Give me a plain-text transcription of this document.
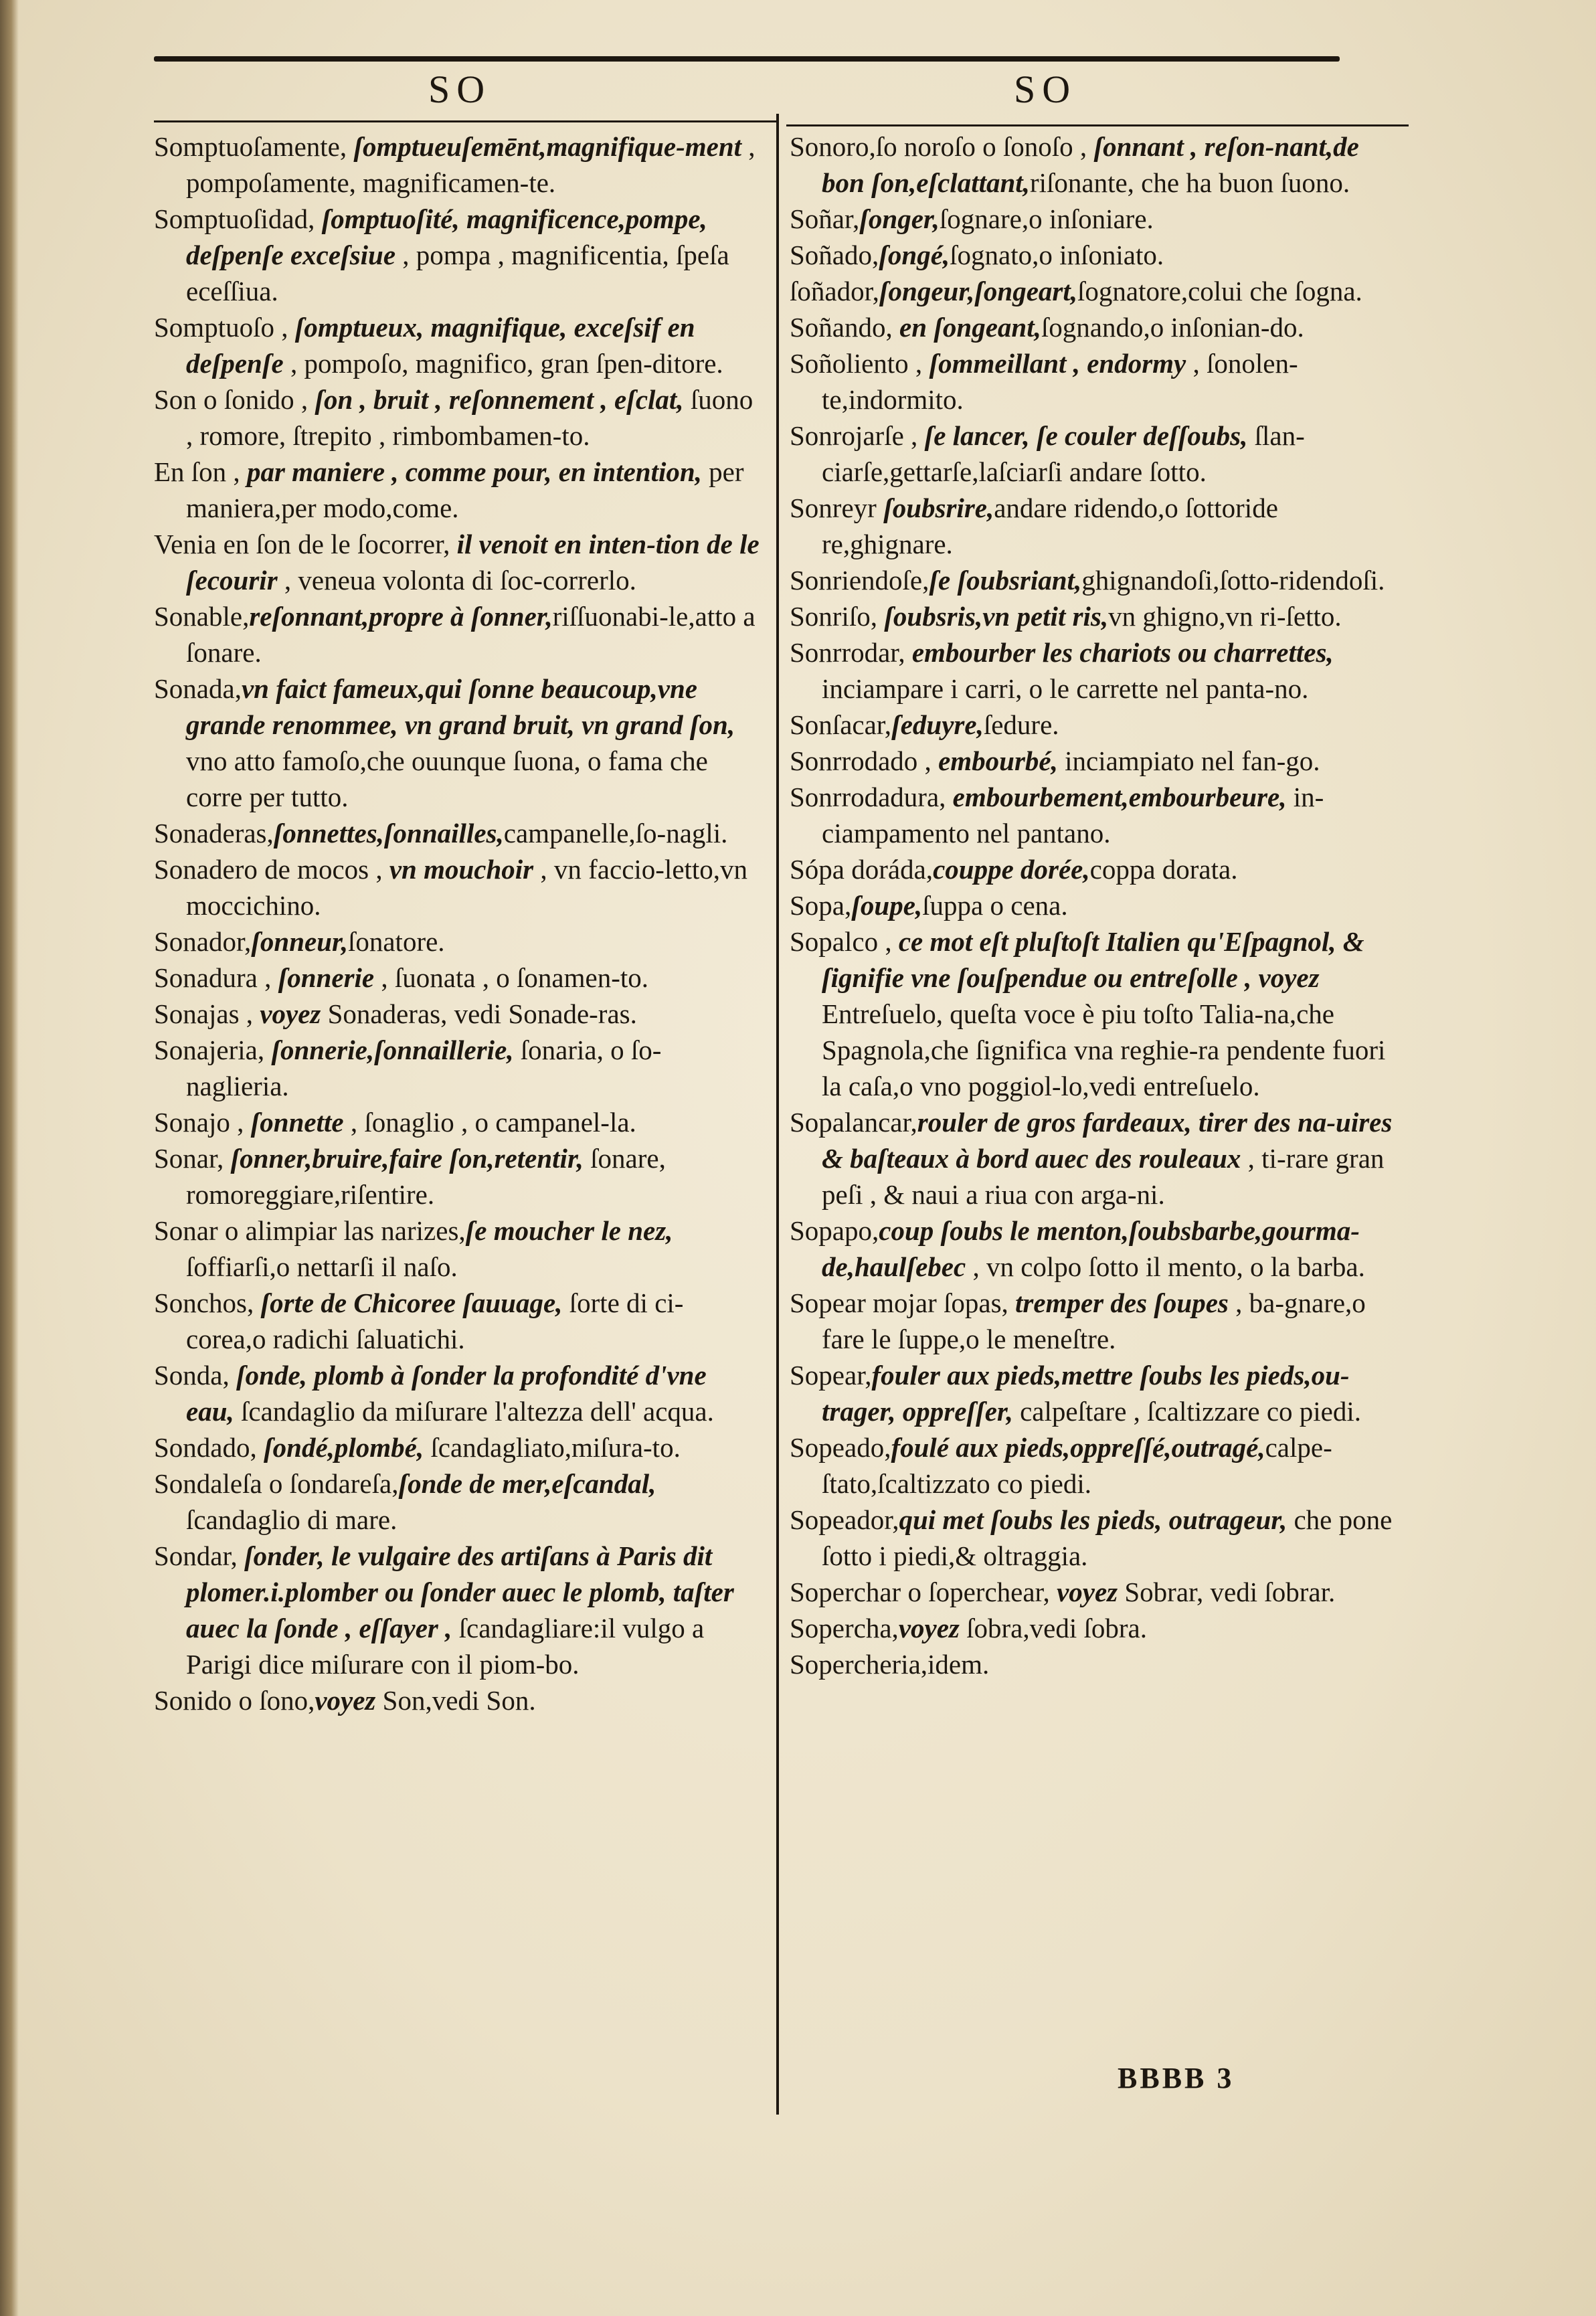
SO	SO

Somptuoſamente, ſomptueuſemēnt,magnifique-ment , pompoſamente, magnificamen-te.

Somptuoſidad, ſomptuoſité, magnificence,pompe, deſpenſe exceſsiue , pompa , magnificentia, ſpeſa eceſſiua.

Somptuoſo , ſomptueux, magnifique, exceſsif en deſpenſe , pompoſo, magnifico, gran ſpen-ditore.

Son o ſonido , ſon , bruit , reſonnement , eſclat, ſuono , romore, ſtrepito , rimbombamen-to.

En ſon , par maniere , comme pour, en intention, per maniera,per modo,come.

Venia en ſon de le ſocorrer, il venoit en inten-tion de le ſecourir , veneua volonta di ſoc-correrlo.

Sonable,reſonnant,propre à ſonner,riſſuonabi-le,atto a ſonare.

Sonada,vn faict fameux,qui ſonne beaucoup,vne grande renommee, vn grand bruit, vn grand ſon, vno atto famoſo,che ouunque ſuona, o fama che corre per tutto.

Sonaderas,ſonnettes,ſonnailles,campanelle,ſo-nagli.

Sonadero de mocos , vn mouchoir , vn faccio-letto,vn moccichino.

Sonador,ſonneur,ſonatore.

Sonadura , ſonnerie , ſuonata , o ſonamen-to.

Sonajas , voyez Sonaderas, vedi Sonade-ras.

Sonajeria, ſonnerie,ſonnaillerie, ſonaria, o ſo-naglieria.

Sonajo , ſonnette , ſonaglio , o campanel-la.

Sonar, ſonner,bruire,faire ſon,retentir, ſonare, romoreggiare,riſentire.

Sonar o alimpiar las narizes,ſe moucher le nez, ſoffiarſi,o nettarſi il naſo.

Sonchos, ſorte de Chicoree ſauuage, ſorte di ci-corea,o radichi ſaluatichi.

Sonda, ſonde, plomb à ſonder la profondité d'vne eau, ſcandaglio da miſurare l'altezza dell' acqua.

Sondado, ſondé,plombé, ſcandagliato,miſura-to.

Sondaleſa o ſondareſa,ſonde de mer,eſcandal, ſcandaglio di mare.

Sondar, ſonder, le vulgaire des artiſans à Paris dit plomer.i.plomber ou ſonder auec le plomb, taſter auec la ſonde , eſſayer , ſcandagliare:il vulgo a Parigi dice miſurare con il piom-bo.

Sonido o ſono,voyez Son,vedi Son.

Sonoro,ſo noroſo o ſonoſo , ſonnant , reſon-nant,de bon ſon,eſclattant,riſonante, che ha buon ſuono.

Soñar,ſonger,ſognare,o inſoniare.

Soñado,ſongé,ſognato,o inſoniato.

ſoñador,ſongeur,ſongeart,ſognatore,colui che ſogna.

Soñando, en ſongeant,ſognando,o inſonian-do.

Soñoliento , ſommeillant , endormy , ſonolen-te,indormito.

Sonrojarſe , ſe lancer, ſe couler deſſoubs, ſlan-ciarſe,gettarſe,laſciarſi andare ſotto.

Sonreyr ſoubsrire,andare ridendo,o ſottoride re,ghignare.

Sonriendoſe,ſe ſoubsriant,ghignandoſi,ſotto-ridendoſi.

Sonriſo, ſoubsris,vn petit ris,vn ghigno,vn ri-ſetto.

Sonrrodar, embourber les chariots ou charrettes, inciampare i carri, o le carrette nel panta-no.

Sonſacar,ſeduyre,ſedure.

Sonrrodado , embourbé, inciampiato nel fan-go.

Sonrrodadura, embourbement,embourbeure, in-ciampamento nel pantano.

Sópa doráda,couppe dorée,coppa dorata.

Sopa,ſoupe,ſuppa o cena.

Sopalco , ce mot eſt pluſtoſt Italien qu'Eſpagnol, & ſignifie vne ſouſpendue ou entreſolle , voyez Entreſuelo, queſta voce è piu toſto Talia-na,che Spagnola,che ſignifica vna reghie-ra pendente fuori la caſa,o vno poggiol-lo,vedi entreſuelo.

Sopalancar,rouler de gros fardeaux, tirer des na-uires & baſteaux à bord auec des rouleaux , ti-rare gran peſi , & naui a riua con arga-ni.

Sopapo,coup ſoubs le menton,ſoubsbarbe,gourma-de,haulſebec , vn colpo ſotto il mento, o la barba.

Sopear mojar ſopas, tremper des ſoupes , ba-gnare,o fare le ſuppe,o le meneſtre.

Sopear,fouler aux pieds,mettre ſoubs les pieds,ou-trager, oppreſſer, calpeſtare , ſcaltizzare co piedi.

Sopeado,foulé aux pieds,oppreſſé,outragé,calpe-ſtato,ſcaltizzato co piedi.

Sopeador,qui met ſoubs les pieds, outrageur, che pone ſotto i piedi,& oltraggia.

Soperchar o ſoperchear, voyez Sobrar, vedi ſobrar.

Sopercha,voyez ſobra,vedi ſobra.

Sopercheria,idem.

BBBB 3
